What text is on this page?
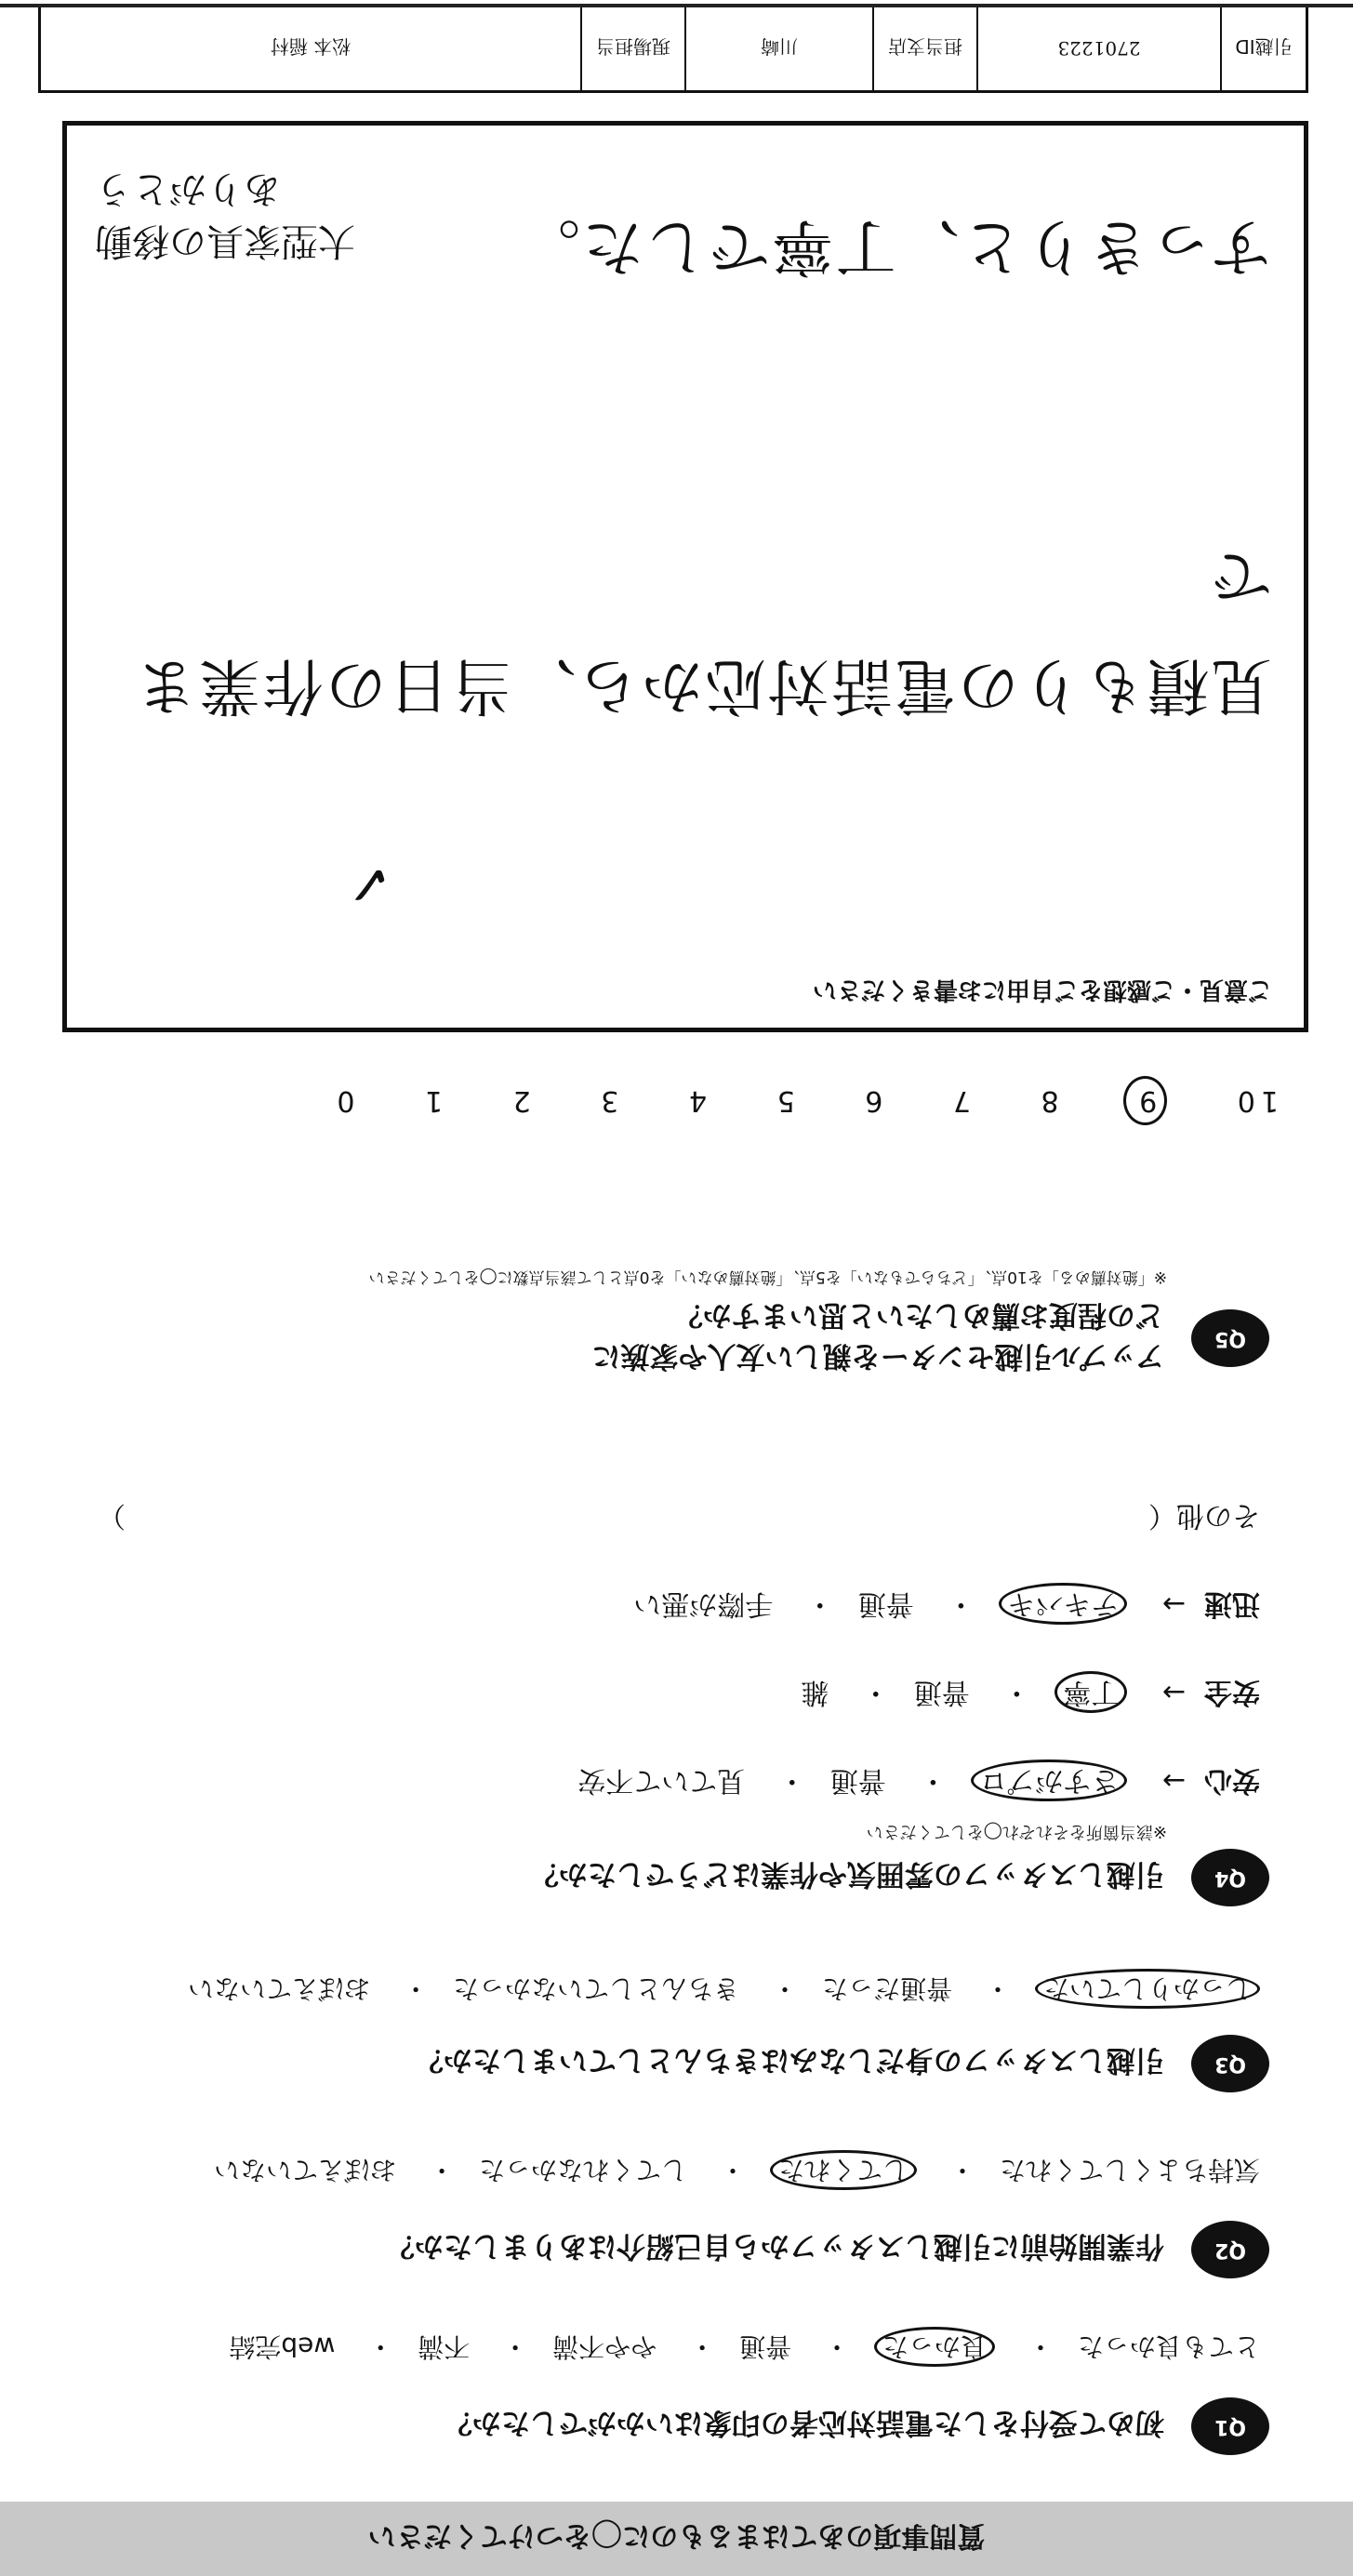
質問事項のあてはまるものに◯をつけてください
Q1 初めて受付をした電話対応者の印象はいかがでしたか？
とても良かった・ 良かった・ 普通・ やや不満・ 不満・ web完結
Q2 作業開始前に引越しスタッフから自己紹介はありましたか？
気持ちよくしてくれた・ してくれた・ してくれなかった・ おぼえていない
Q3 引越しスタッフの身だしなみはきちんとしていましたか？
しっかりしていた・ 普通だった・ きちんとしていなかった・ おぼえていない
Q4 引越しスタッフの雰囲気や作業はどうでしたか？
※該当箇所をそれぞれ◯をしてください
安心→ さすがプロ・ 普通・ 見ていて不安
安全→ 丁寧・ 普通・ 雑
迅速→ テキパキ・ 普通・ 手際が悪い
その他（
）
Q5 アップル引越センターを親しい友人や家族に
どの程度お薦めしたいと思いますか？
※「絶対薦める」を10点、「どちらでもない」を5点、「絶対薦めない」を0点として該当点数に◯をしてください
10 9 8 7 6 5 4 3 2 1 0
ご意見・ご感想をご自由にお書きください

見積もりの電話対応から、当日の作業まで

すっきりと、丁寧でした。

✓
大型家具の移動
ありがとう
引越ID
2701223
担当支店
川崎
現場担当
松本 稲村
